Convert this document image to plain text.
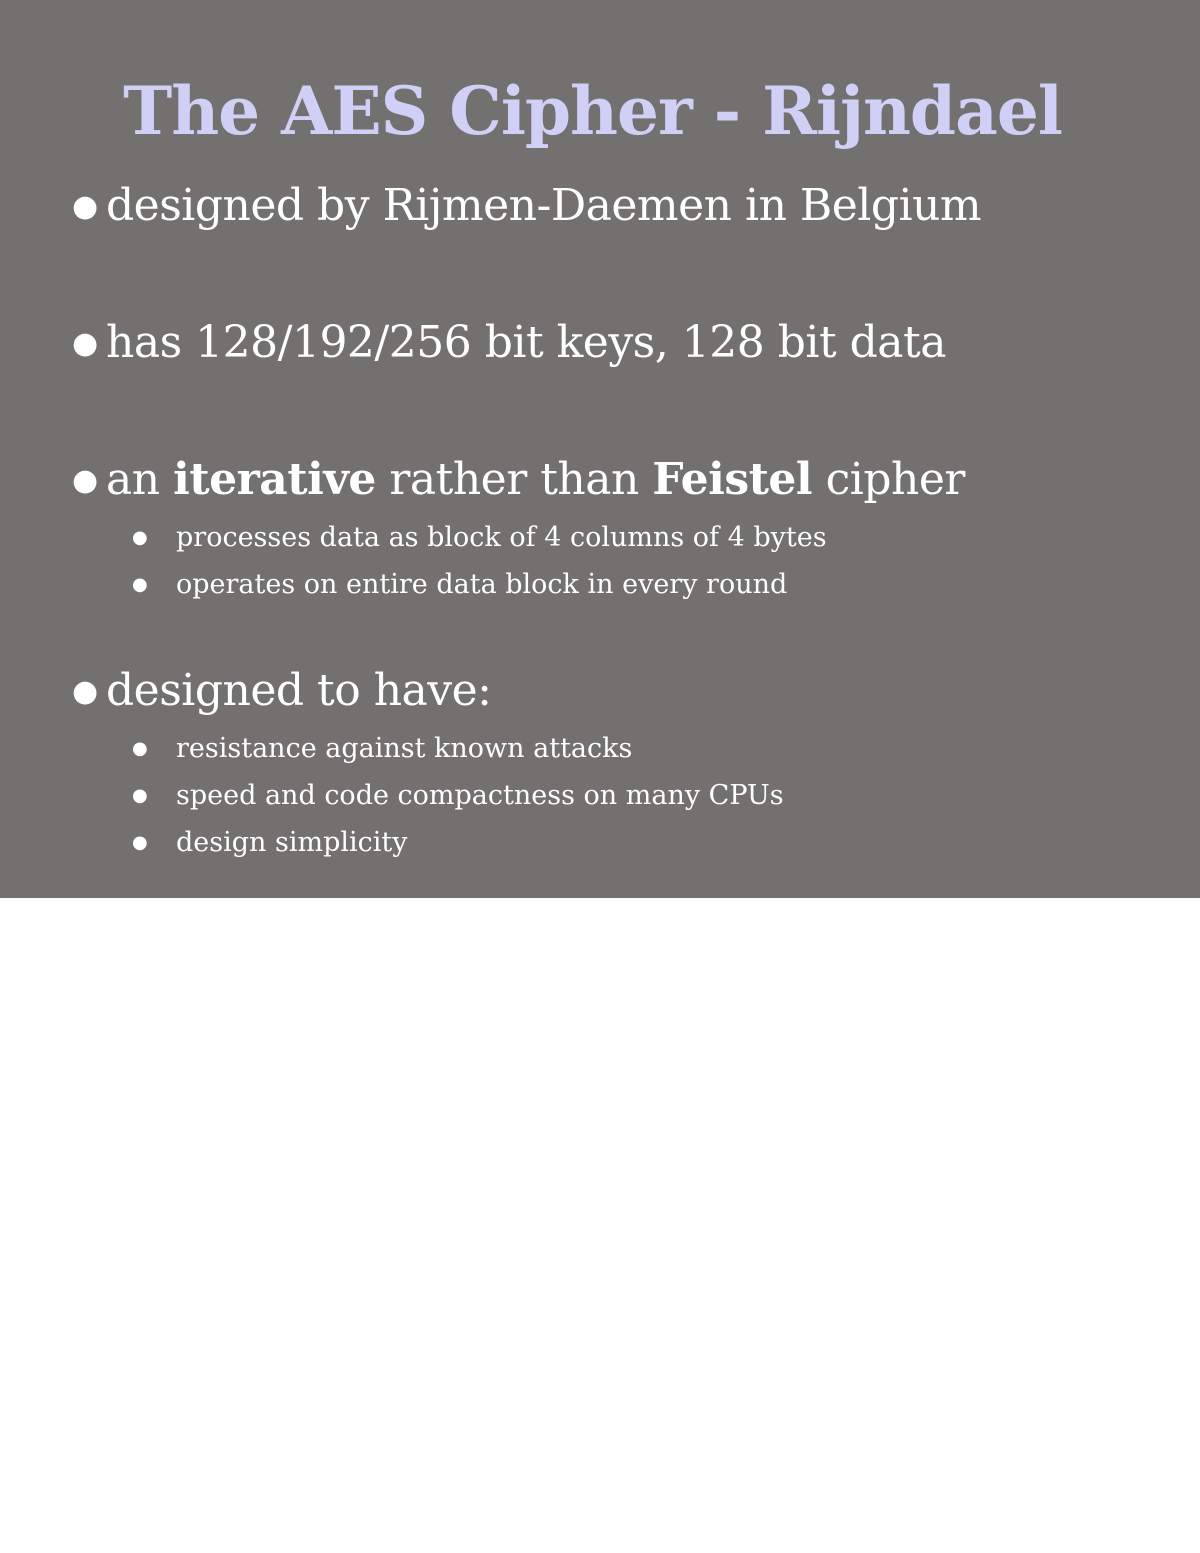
The AES Cipher - Rijndael
● designed by Rijmen-Daemen in Belgium
● has 128/192/256 bit keys, 128 bit data
● an iterative rather than Feistel cipher
● processes data as block of 4 columns of 4 bytes
● operates on entire data block in every round
● designed to have:
● resistance against known attacks
● speed and code compactness on many CPUs
● design simplicity
